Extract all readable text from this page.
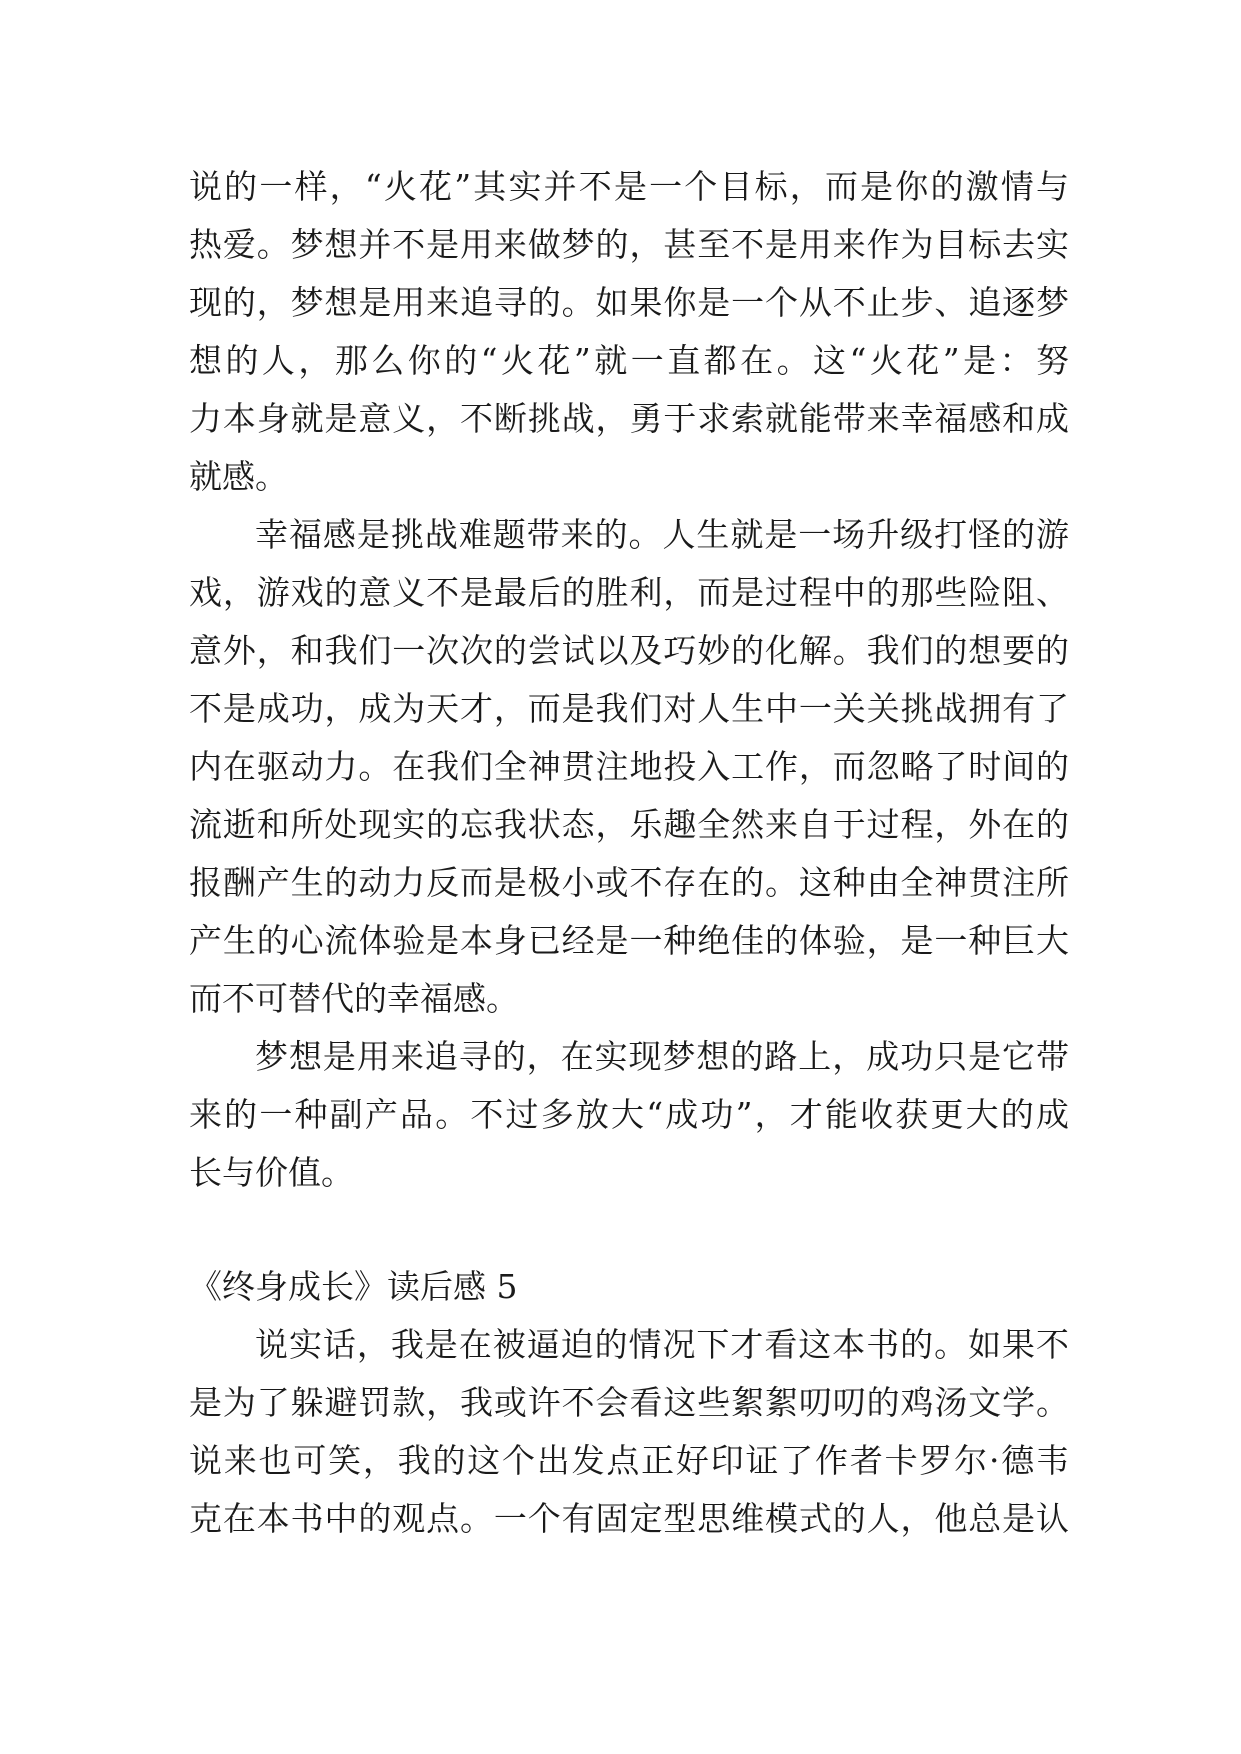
说的一样，“火花”其实并不是一个目标，而是你的激情与
热爱。梦想并不是用来做梦的，甚至不是用来作为目标去实
现的，梦想是用来追寻的。如果你是一个从不止步、追逐梦
想的人，那么你的“火花”就一直都在。这“火花”是：努
力本身就是意义，不断挑战，勇于求索就能带来幸福感和成
就感。
幸福感是挑战难题带来的。人生就是一场升级打怪的游
戏，游戏的意义不是最后的胜利，而是过程中的那些险阻、
意外，和我们一次次的尝试以及巧妙的化解。我们的想要的
不是成功，成为天才，而是我们对人生中一关关挑战拥有了
内在驱动力。在我们全神贯注地投入工作，而忽略了时间的
流逝和所处现实的忘我状态，乐趣全然来自于过程，外在的
报酬产生的动力反而是极小或不存在的。这种由全神贯注所
产生的心流体验是本身已经是一种绝佳的体验，是一种巨大
而不可替代的幸福感。
梦想是用来追寻的，在实现梦想的路上，成功只是它带
来的一种副产品。不过多放大“成功”，才能收获更大的成
长与价值。
《终身成长》读后感 5
说实话，我是在被逼迫的情况下才看这本书的。如果不
是为了躲避罚款，我或许不会看这些絮絮叨叨的鸡汤文学。
说来也可笑，我的这个出发点正好印证了作者卡罗尔·德韦
克在本书中的观点。一个有固定型思维模式的人，他总是认
